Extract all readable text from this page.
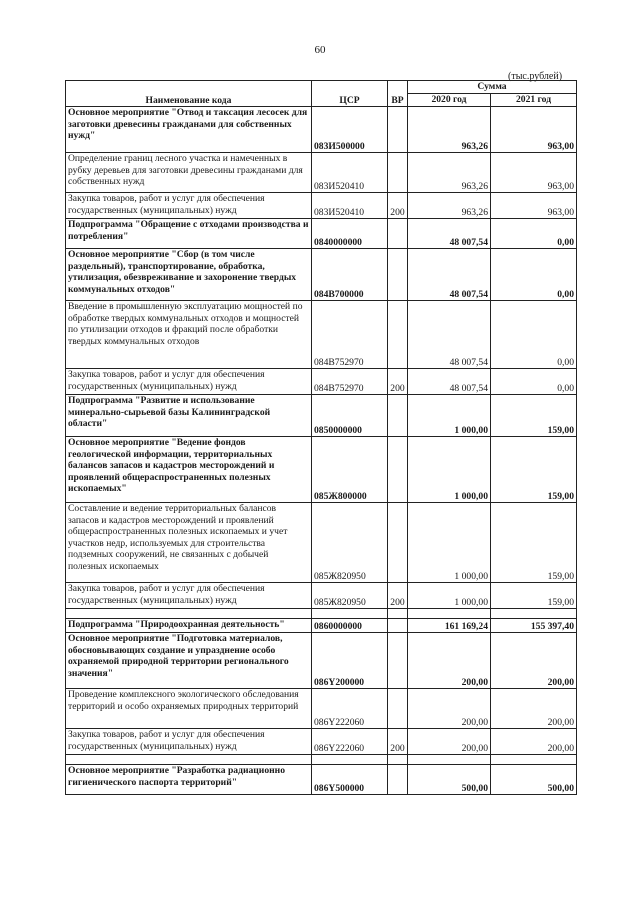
60
(тыс.рублей)
Наименование кода	ЦСР	ВР	Сумма	
			2020 год	2021 год
Основное мероприятие "Отвод и таксация лесосек для заготовки древесины гражданами для собственных нужд"	083И500000		963,26	963,00
Определение границ лесного участка и намеченных в рубку деревьев для заготовки древесины гражданами для собственных нужд	083И520410		963,26	963,00
Закупка товаров, работ и услуг для обеспечения государственных (муниципальных) нужд	083И520410	200	963,26	963,00
Подпрограмма "Обращение с отходами производства и потребления"	0840000000		48 007,54	0,00
Основное мероприятие "Сбор (в том числе раздельный), транспортирование, обработка, утилизация, обезвреживание и захоронение твердых коммунальных отходов"	084В700000		48 007,54	0,00
Введение в промышленную эксплуатацию мощностей по обработке твердых коммунальных отходов и мощностей по утилизации отходов и фракций после обработки твердых коммунальных отходов	084В752970		48 007,54	0,00
Закупка товаров, работ и услуг для обеспечения государственных (муниципальных) нужд	084В752970	200	48 007,54	0,00
Подпрограмма "Развитие и использование минерально-сырьевой базы Калининградской области"	0850000000		1 000,00	159,00
Основное мероприятие "Ведение фондов геологической информации, территориальных балансов запасов и кадастров месторождений и проявлений общераспространенных полезных ископаемых"	085Ж800000		1 000,00	159,00
Составление и ведение территориальных балансов запасов и кадастров месторождений и проявлений общераспространенных полезных ископаемых и учет участков недр, используемых для строительства подземных сооружений, не связанных с добычей полезных ископаемых	085Ж820950		1 000,00	159,00
Закупка товаров, работ и услуг для обеспечения государственных (муниципальных) нужд	085Ж820950	200	1 000,00	159,00

Подпрограмма "Природоохранная деятельность"	0860000000		161 169,24	155 397,40
Основное мероприятие "Подготовка материалов, обосновывающих создание и упразднение особо охраняемой природной территории регионального значения"	086Y200000		200,00	200,00
Проведение комплексного экологического обследования территорий и особо охраняемых природных территорий	086Y222060		200,00	200,00
Закупка товаров, работ и услуг для обеспечения государственных (муниципальных) нужд	086Y222060	200	200,00	200,00

Основное мероприятие "Разработка радиационно гигиенического паспорта территорий"	086Y500000		500,00	500,00
